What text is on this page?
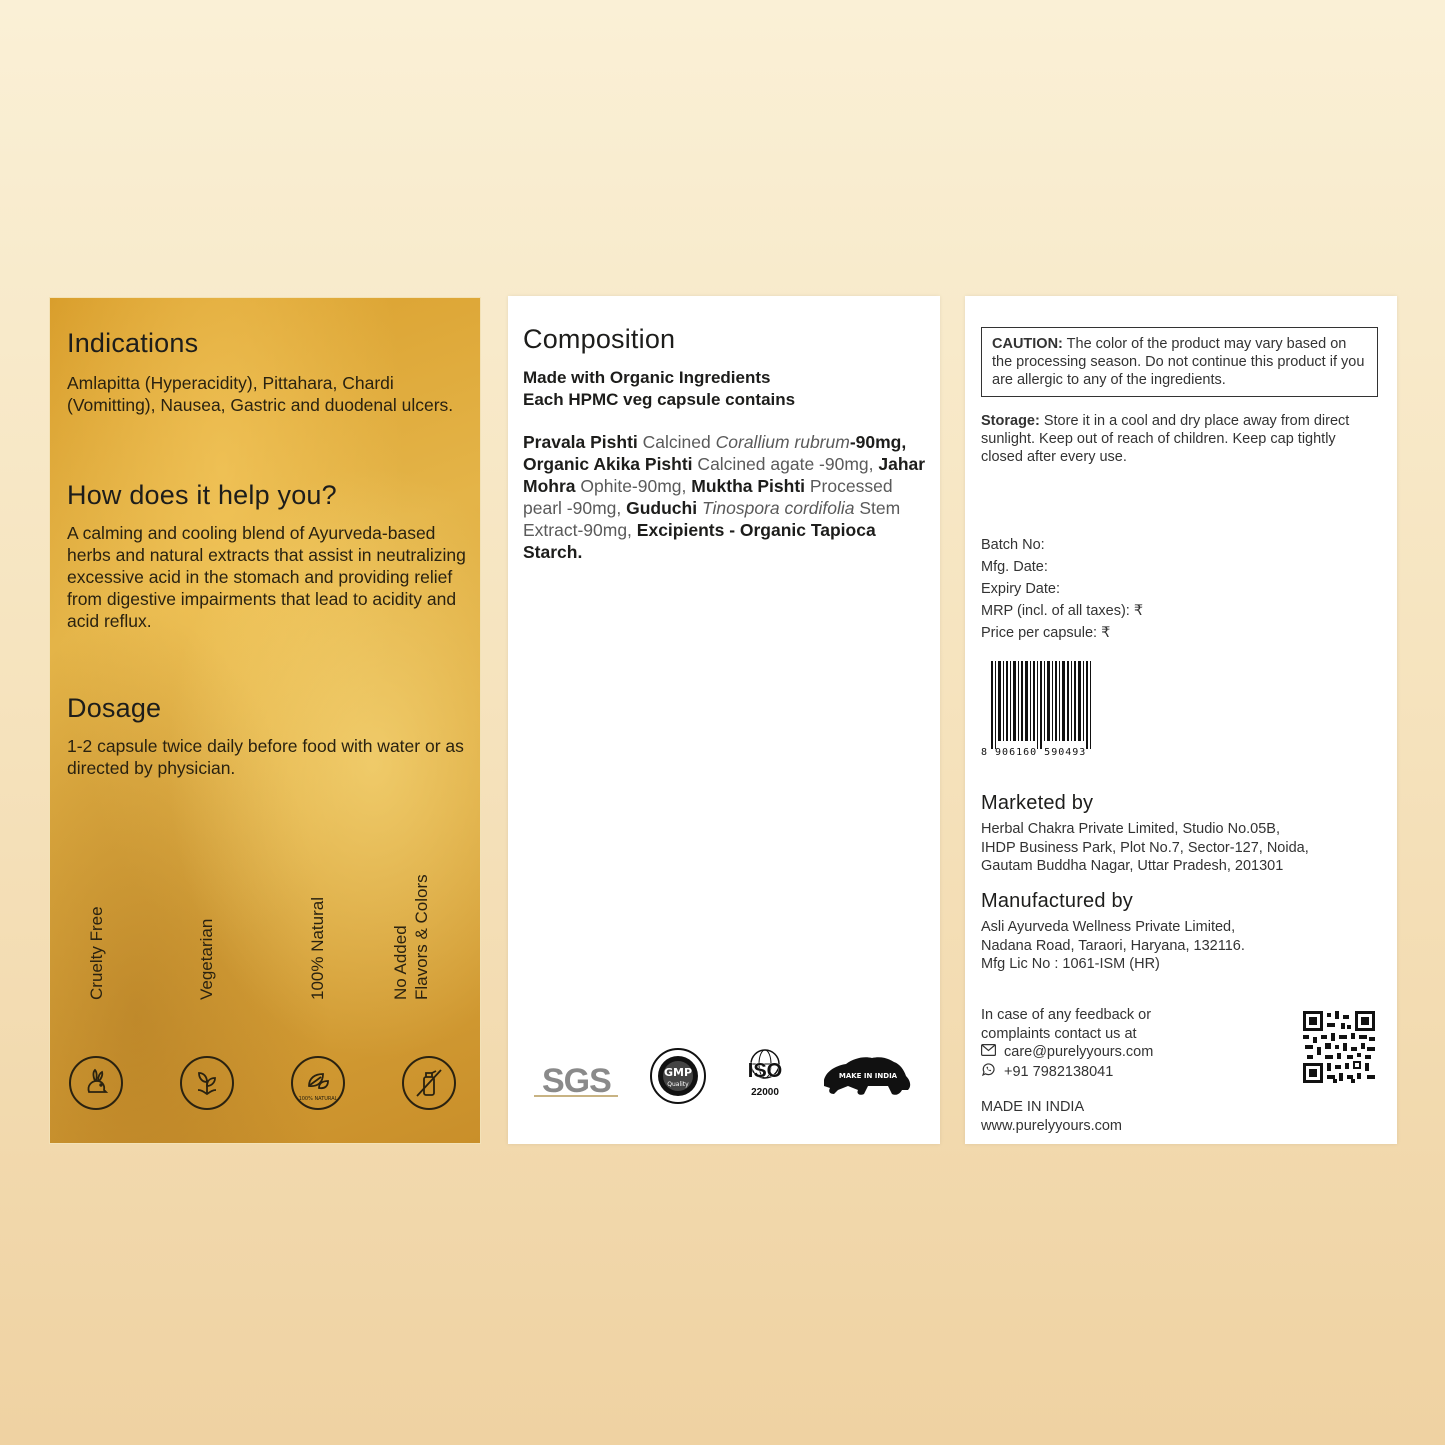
Indications
Amlapitta (Hyperacidity), Pittahara, Chardi (Vomitting), Nausea, Gastric and duodenal ulcers.
How does it help you?
A calming and cooling blend of Ayurveda-based herbs and natural extracts that assist in neutralizing excessive acid in the stomach and providing relief from digestive impairments that lead to acidity and acid reflux.
Dosage
1-2 capsule twice daily before food with water or as directed by physician.
Cruelty Free	Vegetarian	100% Natural	No Added Flavors & Colors
100% NATURAL
Composition
Made with Organic Ingredients
Each HPMC veg capsule contains
Pravala Pishti Calcined Corallium rubrum-90mg, Organic Akika Pishti Calcined agate -90mg, Jahar Mohra Ophite-90mg, Muktha Pishti Processed pearl -90mg, Guduchi Tinospora cordifolia Stem Extract-90mg, Excipients - Organic Tapioca Starch.
SGS	GMP
Quality
ISO
22000
MAKE IN INDIA
CAUTION: The color of the product may vary based on the processing season. Do not continue this product if you are allergic to any of the ingredients.
Storage: Store it in a cool and dry place away from direct sunlight. Keep out of reach of children. Keep cap tightly closed after every use.
Batch No:
Mfg. Date:
Expiry Date:
MRP (incl. of all taxes): ₹
Price per capsule: ₹
8 906160 590493
Marketed by
Herbal Chakra Private Limited, Studio No.05B,
IHDP Business Park, Plot No.7, Sector-127, Noida,
Gautam Buddha Nagar, Uttar Pradesh, 201301
Manufactured by
Asli Ayurveda Wellness Private Limited,
Nadana Road, Taraori, Haryana, 132116.
Mfg Lic No : 1061-ISM (HR)
In case of any feedback or
complaints contact us at
care@purelyyours.com
+91 7982138041
MADE IN INDIA
www.purelyyours.com
